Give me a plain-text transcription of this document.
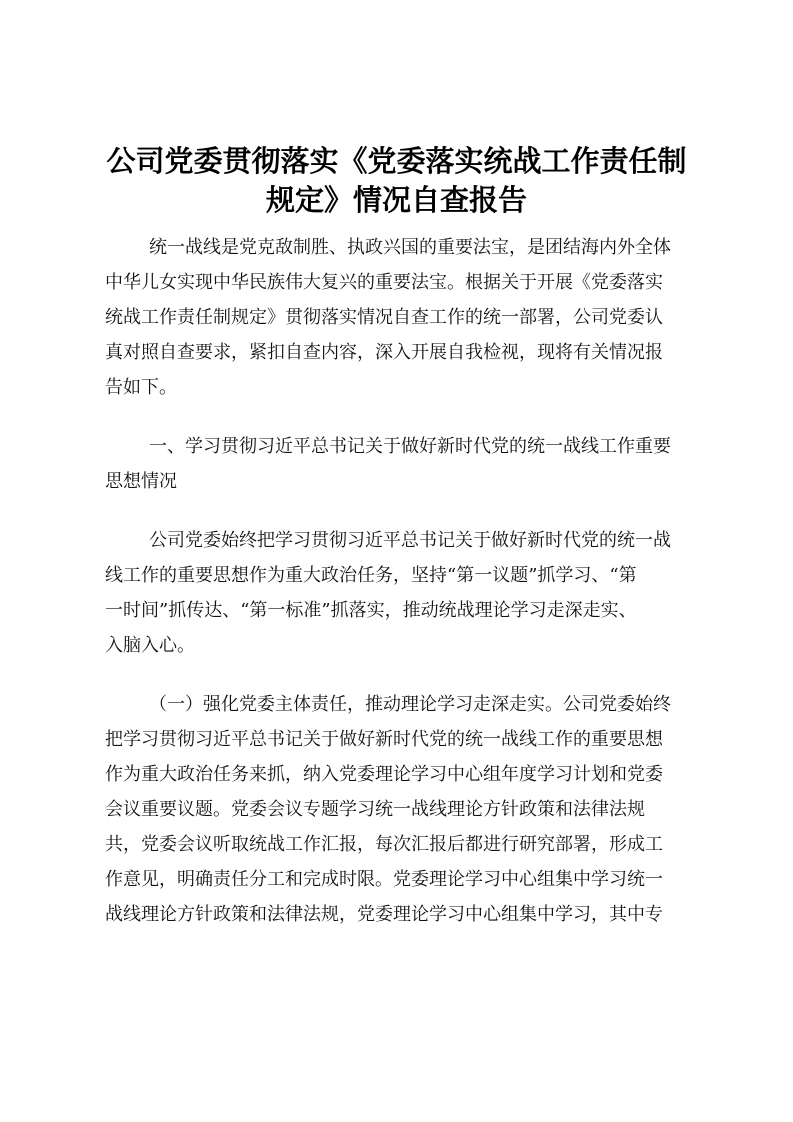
公司党委贯彻落实《党委落实统战工作责任制
规定》情况自查报告
统一战线是党克敌制胜、执政兴国的重要法宝，是团结海内外全体
中华儿女实现中华民族伟大复兴的重要法宝。根据关于开展《党委落实
统战工作责任制规定》贯彻落实情况自查工作的统一部署，公司党委认
真对照自查要求，紧扣自查内容，深入开展自我检视，现将有关情况报
告如下。
一、学习贯彻习近平总书记关于做好新时代党的统一战线工作重要
思想情况
公司党委始终把学习贯彻习近平总书记关于做好新时代党的统一战
线工作的重要思想作为重大政治任务，坚持“第一议题”抓学习、“第
一时间”抓传达、“第一标准”抓落实，推动统战理论学习走深走实、
入脑入心。
（一）强化党委主体责任，推动理论学习走深走实。公司党委始终
把学习贯彻习近平总书记关于做好新时代党的统一战线工作的重要思想
作为重大政治任务来抓，纳入党委理论学习中心组年度学习计划和党委
会议重要议题。党委会议专题学习统一战线理论方针政策和法律法规
共，党委会议听取统战工作汇报，每次汇报后都进行研究部署，形成工
作意见，明确责任分工和完成时限。党委理论学习中心组集中学习统一
战线理论方针政策和法律法规，党委理论学习中心组集中学习，其中专
